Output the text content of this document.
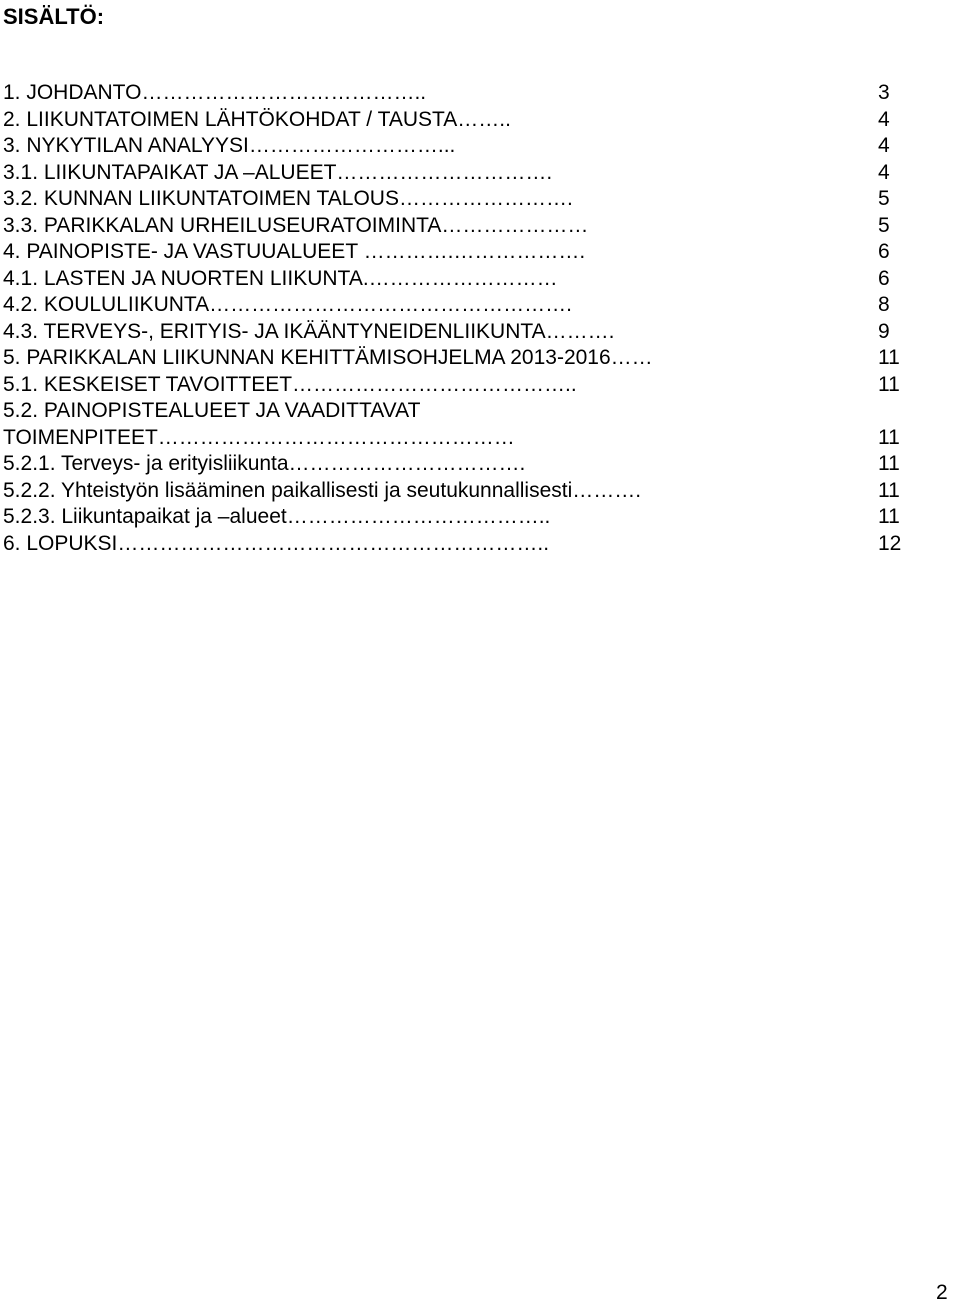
SISÄLTÖ:
1. JOHDANTO…………………………………..	3
2. LIIKUNTATOIMEN LÄHTÖKOHDAT / TAUSTA……..	4
3. NYKYTILAN ANALYYSI………………………...	4
3.1. LIIKUNTAPAIKAT JA –ALUEET………………………….	4
3.2. KUNNAN LIIKUNTATOIMEN TALOUS…………………….	5
3.3. PARIKKALAN URHEILUSEURATOIMINTA…………………	5
4. PAINOPISTE- JA VASTUUALUEET ………….……………….	6
4.1. LASTEN JA NUORTEN LIIKUNTA.………………………	6
4.2. KOULULIIKUNTA…………………………………………….	8
4.3. TERVEYS-, ERITYIS- JA IKÄÄNTYNEIDENLIIKUNTA……….	9
5. PARIKKALAN LIIKUNNAN KEHITTÄMISOHJELMA 2013-2016……	11
5.1. KESKEISET TAVOITTEET…………………………………..	11
5.2. PAINOPISTEALUEET JA VAADITTAVAT
TOIMENPITEET……………………………………………	11
5.2.1. Terveys- ja erityisliikunta…………………………….	11
5.2.2. Yhteistyön lisääminen paikallisesti ja seutukunnallisesti……….	11
5.2.3. Liikuntapaikat ja –alueet………………………………..	11
6. LOPUKSI……………………………………………………..	12
2
